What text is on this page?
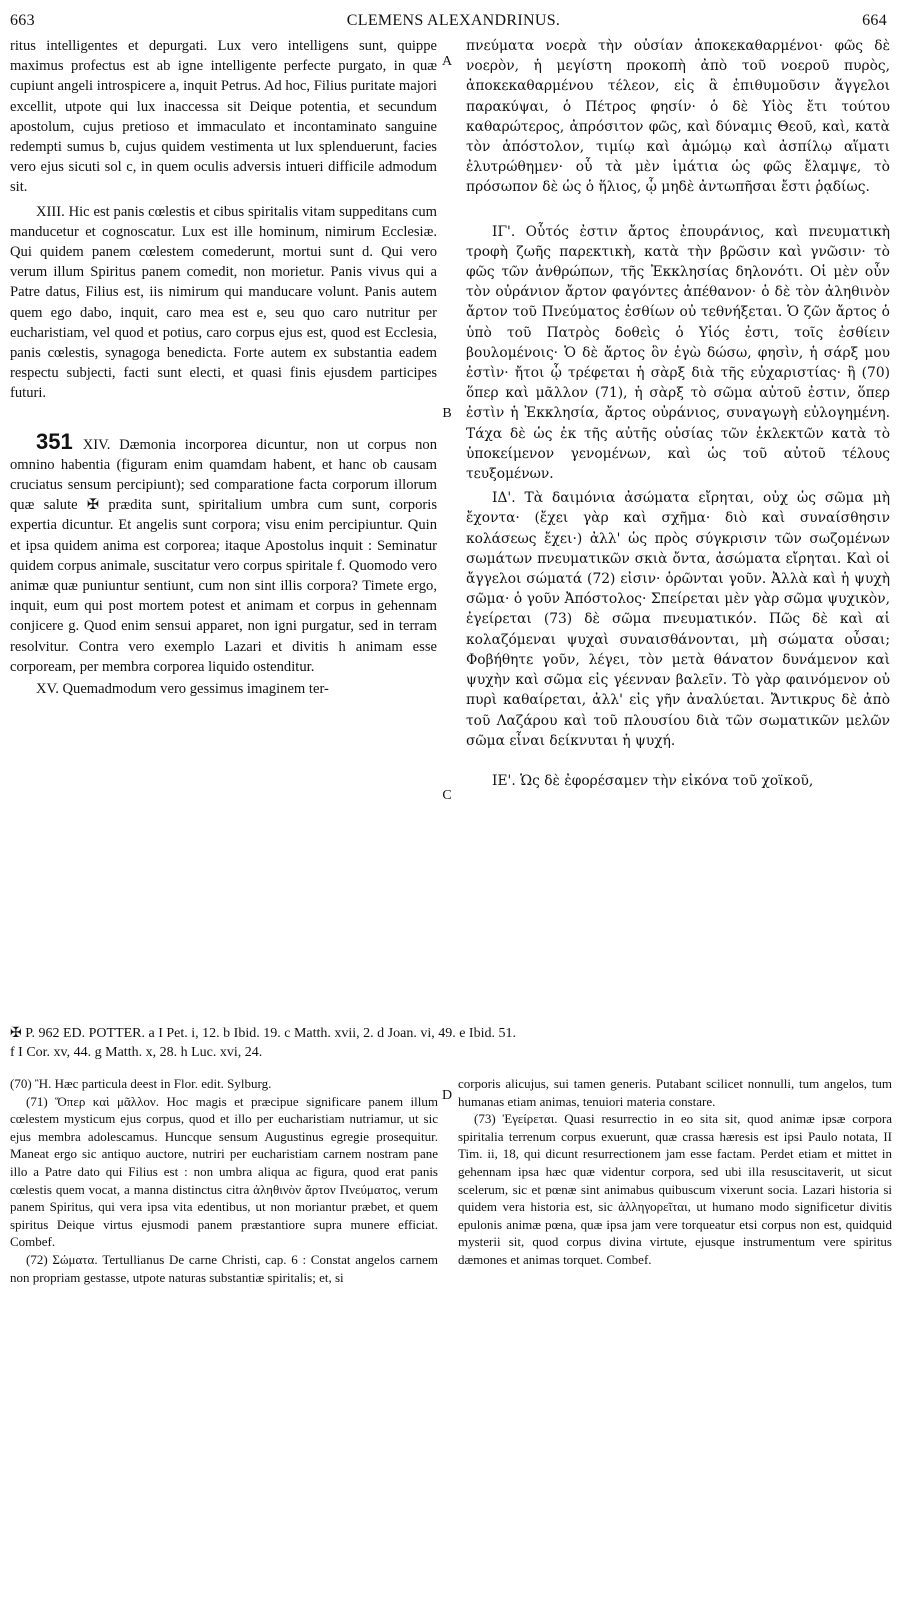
663	CLEMENS ALEXANDRINUS.	664
A
B
C
D

ritus intelligentes et depurgati. Lux vero intelligens sunt, quippe maximus profectus est ab igne intelligente perfecte purgato, in quæ cupiunt angeli introspicere a, inquit Petrus. Ad hoc, Filius puritate majori excellit, utpote qui lux inaccessa sit Deique potentia, et secundum apostolum, cujus pretioso et immaculato et incontaminato sanguine redempti sumus b, cujus quidem vestimenta ut lux splenduerunt, facies vero ejus sicuti sol c, in quem oculis adversis intueri difficile admodum sit.

XIII. Hic est panis cœlestis et cibus spiritalis vitam suppeditans cum manducetur et cognoscatur. Lux est ille hominum, nimirum Ecclesiæ. Qui quidem panem cœlestem comederunt, mortui sunt d. Qui vero verum illum Spiritus panem comedit, non morietur. Panis vivus qui a Patre datus, Filius est, iis nimirum qui manducare volunt. Panis autem quem ego dabo, inquit, caro mea est e, seu quo caro nutritur per eucharistiam, vel quod et potius, caro corpus ejus est, quod est Ecclesia, panis cœlestis, synagoga benedicta. Forte autem ex substantia eadem respectu subjecti, facti sunt electi, et quasi finis ejusdem participes futuri.

351 XIV. Dæmonia incorporea dicuntur, non ut corpus non omnino habentia (figuram enim quamdam habent, et hanc ob causam cruciatus sensum percipiunt); sed comparatione facta corporum illorum quæ salute ✠ prædita sunt, spiritalium umbra cum sunt, corporis expertia dicuntur. Et angelis sunt corpora; visu enim percipiuntur. Quin et ipsa quidem anima est corporea; itaque Apostolus inquit : Seminatur quidem corpus animale, suscitatur vero corpus spiritale f. Quomodo vero animæ quæ puniuntur sentiunt, cum non sint illis corpora? Timete ergo, inquit, eum qui post mortem potest et animam et corpus in gehennam conjicere g. Quod enim sensui apparet, non igni purgatur, sed in terram resolvitur. Contra vero exemplo Lazari et divitis h animam esse corpoream, per membra corporea liquido ostenditur.

XV. Quemadmodum vero gessimus imaginem ter-

πνεύματα νοερὰ τὴν οὐσίαν ἀποκεκαθαρμένοι· φῶς δὲ νοερὸν, ἡ μεγίστη προκοπὴ ἀπὸ τοῦ νοεροῦ πυρὸς, ἀποκεκαθαρμένου τέλεον, εἰς ἃ ἐπιθυμοῦσιν ἄγγελοι παρακύψαι, ὁ Πέτρος φησίν· ὁ δὲ Υἱὸς ἔτι τούτου καθαρώτερος, ἀπρόσιτον φῶς, καὶ δύναμις Θεοῦ, καὶ, κατὰ τὸν ἀπόστολον, τιμίῳ καὶ ἀμώμῳ καὶ ἀσπίλῳ αἵματι ἐλυτρώθημεν· οὗ τὰ μὲν ἱμάτια ὡς φῶς ἔλαμψε, τὸ πρόσωπον δὲ ὡς ὁ ἥλιος, ᾧ μηδὲ ἀντωπῆσαι ἔστι ῥᾳδίως.

ΙΓ'. Οὗτός ἐστιν ἄρτος ἐπουράνιος, καὶ πνευματικὴ τροφὴ ζωῆς παρεκτικὴ, κατὰ τὴν βρῶσιν καὶ γνῶσιν· τὸ φῶς τῶν ἀνθρώπων, τῆς Ἐκκλησίας δηλονότι. Οἱ μὲν οὖν τὸν οὐράνιον ἄρτον φαγόντες ἀπέθανον· ὁ δὲ τὸν ἀληθινὸν ἄρτον τοῦ Πνεύματος ἐσθίων οὐ τεθνήξεται. Ὁ ζῶν ἄρτος ὁ ὑπὸ τοῦ Πατρὸς δοθεὶς ὁ Υἱός ἐστι, τοῖς ἐσθίειν βουλομένοις· Ὁ δὲ ἄρτος ὃν ἐγὼ δώσω, φησὶν, ἡ σάρξ μου ἐστὶν· ἤτοι ᾧ τρέφεται ἡ σὰρξ διὰ τῆς εὐχαριστίας· ἢ (70) ὅπερ καὶ μᾶλλον (71), ἡ σὰρξ τὸ σῶμα αὐτοῦ ἐστιν, ὅπερ ἐστὶν ἡ Ἐκκλησία, ἄρτος οὐράνιος, συναγωγὴ εὐλογημένη. Τάχα δὲ ὡς ἐκ τῆς αὐτῆς οὐσίας τῶν ἐκλεκτῶν κατὰ τὸ ὑποκείμενον γενομένων, καὶ ὡς τοῦ αὐτοῦ τέλους τευξομένων.

ΙΔ'. Τὰ δαιμόνια ἀσώματα εἴρηται, οὐχ ὡς σῶμα μὴ ἔχοντα· (ἔχει γὰρ καὶ σχῆμα· διὸ καὶ συναίσθησιν κολάσεως ἔχει·) ἀλλ' ὡς πρὸς σύγκρισιν τῶν σωζομένων σωμάτων πνευματικῶν σκιὰ ὄντα, ἀσώματα εἴρηται. Καὶ οἱ ἄγγελοι σώματά (72) εἰσιν· ὁρῶνται γοῦν. Ἀλλὰ καὶ ἡ ψυχὴ σῶμα· ὁ γοῦν Ἀπόστολος· Σπείρεται μὲν γὰρ σῶμα ψυχικὸν, ἐγείρεται (73) δὲ σῶμα πνευματικόν. Πῶς δὲ καὶ αἱ κολαζόμεναι ψυχαὶ συναισθάνονται, μὴ σώματα οὖσαι; Φοβήθητε γοῦν, λέγει, τὸν μετὰ θάνατον δυνάμενον καὶ ψυχὴν καὶ σῶμα εἰς γέενναν βαλεῖν. Τὸ γὰρ φαινόμενον οὐ πυρὶ καθαίρεται, ἀλλ' εἰς γῆν ἀναλύεται. Ἄντικρυς δὲ ἀπὸ τοῦ Λαζάρου καὶ τοῦ πλουσίου διὰ τῶν σωματικῶν μελῶν σῶμα εἶναι δείκνυται ἡ ψυχή.

ΙΕ'. Ὡς δὲ ἐφορέσαμεν τὴν εἰκόνα τοῦ χοϊκοῦ,

✠ P. 962 ED. POTTER. a I Pet. i, 12. b Ibid. 19. c Matth. xvii, 2. d Joan. vi, 49. e Ibid. 51.
f I Cor. xv, 44. g Matth. x, 28. h Luc. xvi, 24.

(70) Ἢ. Hæc particula deest in Flor. edit. Sylburg.

(71) Ὅπερ καὶ μᾶλλον. Hoc magis et præcipue significare panem illum cœlestem mysticum ejus corpus, quod et illo per eucharistiam nutriamur, ut sic ejus membra adolescamus. Huncque sensum Augustinus egregie prosequitur. Maneat ergo sic antiquo auctore, nutriri per eucharistiam carnem nostram pane illo a Patre dato qui Filius est : non umbra aliqua ac figura, quod erat panis cœlestis quem vocat, a manna distinctus citra ἀληθινὸν ἄρτον Πνεύματος, verum panem Spiritus, qui vera ipsa vita edentibus, ut non moriantur præbet, et quem spiritus Deique virtus ejusmodi panem præstantiore supra munere efficiat. Combef.

(72) Σώματα. Tertullianus De carne Christi, cap. 6 : Constat angelos carnem non propriam gestasse, utpote naturas substantiæ spiritalis; et, si

corporis alicujus, sui tamen generis. Putabant scilicet nonnulli, tum angelos, tum humanas etiam animas, tenuiori materia constare.

(73) Ἐγείρεται. Quasi resurrectio in eo sita sit, quod animæ ipsæ corpora spiritalia terrenum corpus exuerunt, quæ crassa hæresis est ipsi Paulo notata, II Tim. ii, 18, qui dicunt resurrectionem jam esse factam. Perdet etiam et mittet in gehennam ipsa hæc quæ videntur corpora, sed ubi illa resuscitaverit, ut sicut scelerum, sic et pœnæ sint animabus quibuscum vixerunt socia. Lazari historia si quidem vera historia est, sic ἀλληγορεῖται, ut humano modo significetur divitis epulonis animæ pœna, quæ ipsa jam vere torqueatur etsi corpus non est, quidquid mysterii sit, quod corpus divina virtute, ejusque instrumentum vere spiritus dæmones et animas torquet. Combef.
